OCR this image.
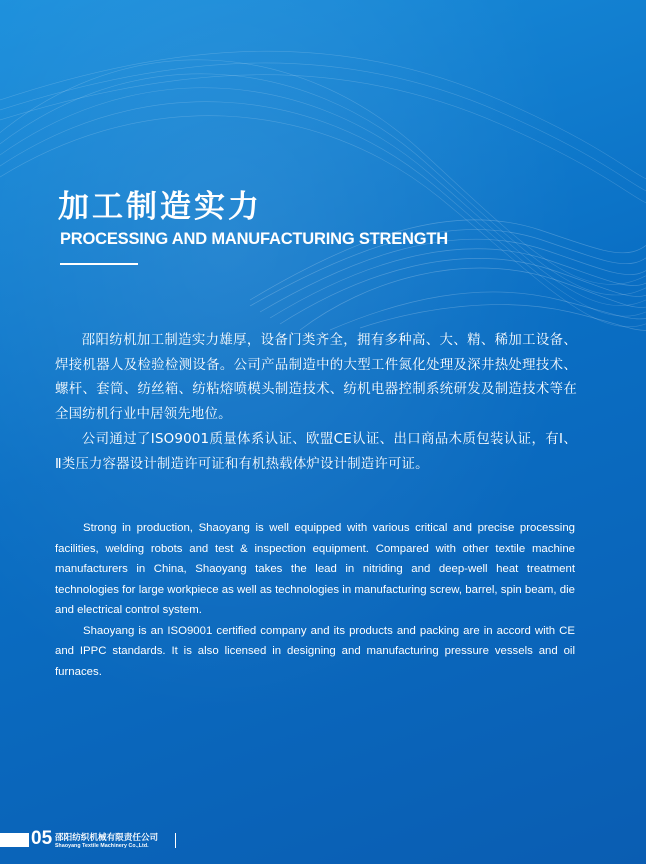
加工制造实力
PROCESSING AND MANUFACTURING STRENGTH

邵阳纺机加工制造实力雄厚，设备门类齐全，拥有多种高、大、精、稀加工设备、焊接机器人及检验检测设备。公司产品制造中的大型工件氮化处理及深井热处理技术、螺杆、套筒、纺丝箱、纺粘熔喷模头制造技术、纺机电器控制系统研发及制造技术等在全国纺机行业中居领先地位。

公司通过了ISO9001质量体系认证、欧盟CE认证、出口商品木质包装认证，有Ⅰ、Ⅱ类压力容器设计制造许可证和有机热载体炉设计制造许可证。

Strong in production, Shaoyang is well equipped with various critical and precise processing facilities, welding robots and test & inspection equipment. Compared with other textile machine manufacturers in China, Shaoyang takes the lead in nitriding and deep-well heat treatment technologies for large workpiece as well as technologies in manufacturing screw, barrel, spin beam, die and electrical control system.

Shaoyang is an ISO9001 certified company and its products and packing are in accord with CE and IPPC standards. It is also licensed in designing and manufacturing pressure vessels and oil furnaces.

05 邵阳纺织机械有限责任公司
Shaoyang Textile Machinery Co.,Ltd.
